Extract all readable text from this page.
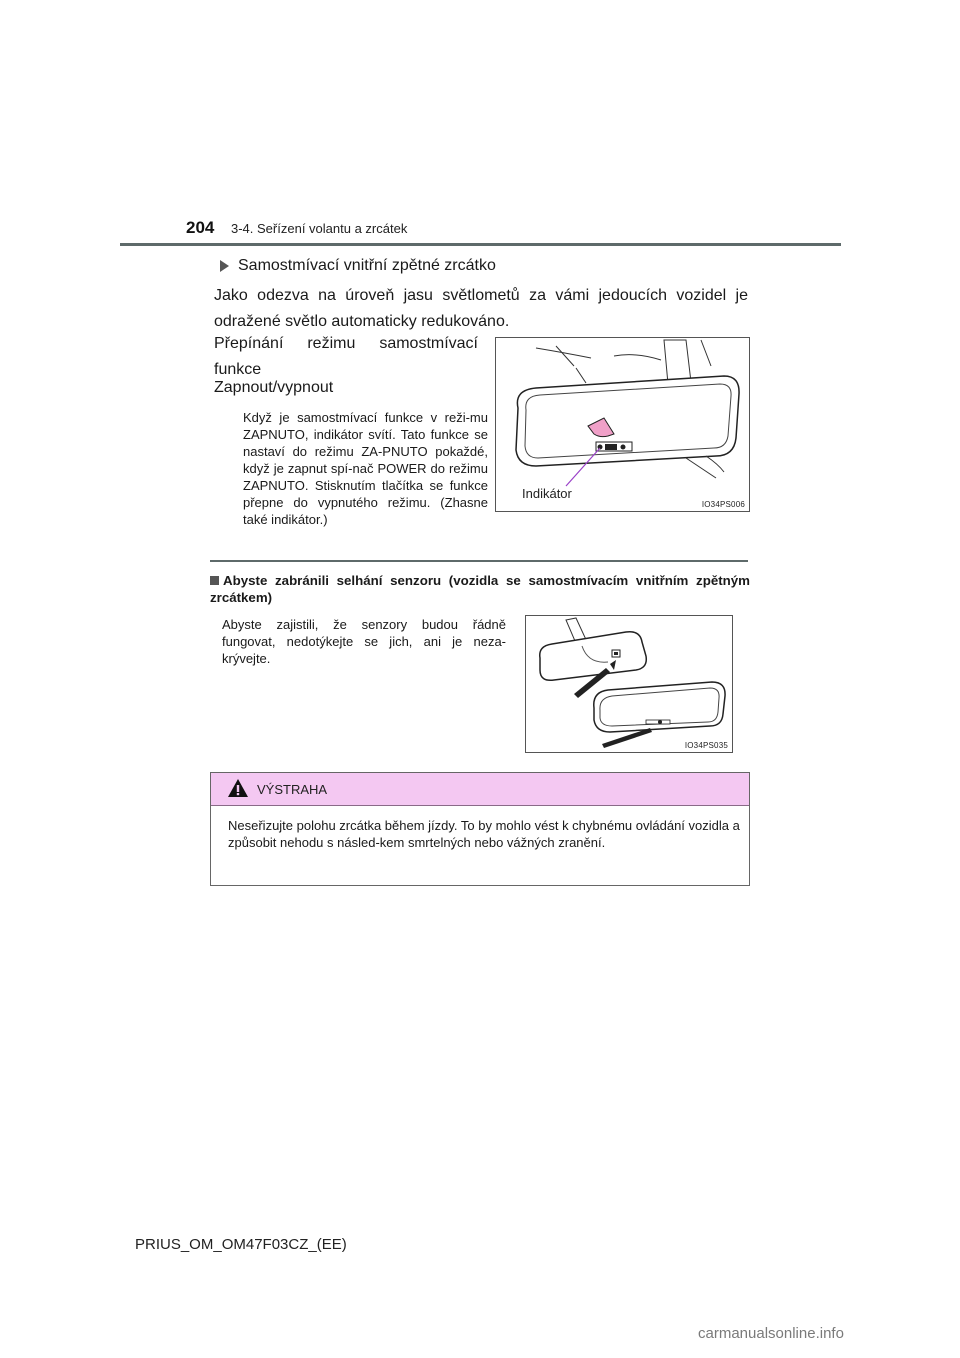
204 3-4. Seřízení volantu a zrcátek
Samostmívací vnitřní zpětné zrcátko
Jako odezva na úroveň jasu světlometů za vámi jedoucích vozidel je odražené světlo automaticky redukováno.
Přepínání režimu samostmívací funkce
Zapnout/vypnout
Když je samostmívací funkce v reži-mu ZAPNUTO, indikátor svítí. Tato funkce se nastaví do režimu ZA-PNUTO pokaždé, když je zapnut spí-nač POWER do režimu ZAPNUTO. Stisknutím tlačítka se funkce přepne do vypnutého režimu. (Zhasne také indikátor.)
Indikátor
IO34PS006
Abyste zabránili selhání senzoru (vozidla se samostmívacím vnitřním zpětným zrcátkem)
Abyste zajistili, že senzory budou řádně fungovat, nedotýkejte se jich, ani je neza-krývejte.
IO34PS035
VÝSTRAHA
Neseřizujte polohu zrcátka během jízdy. To by mohlo vést k chybnému ovládání vozidla a způsobit nehodu s násled-kem smrtelných nebo vážných zranění.
PRIUS_OM_OM47F03CZ_(EE)
carmanualsonline.info
